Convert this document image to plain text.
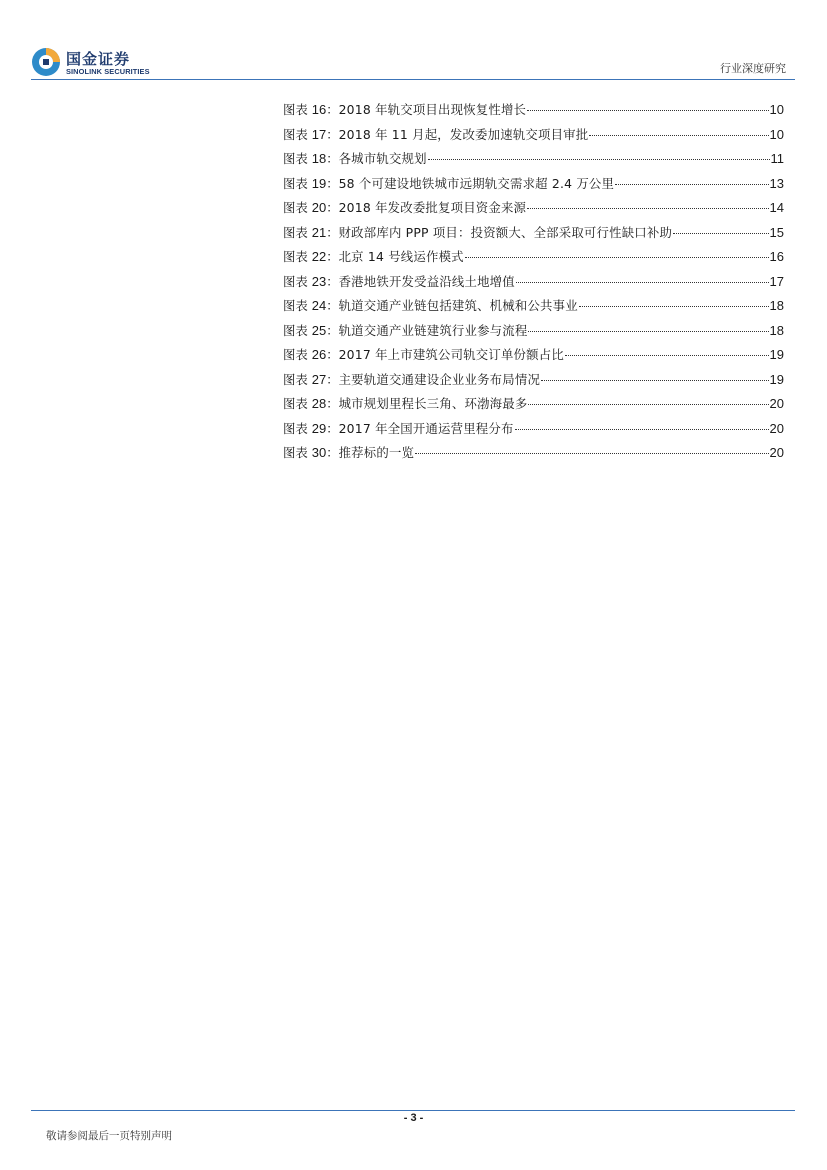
国金证券
SINOLINK SECURITIES	行业深度研究
图表 16： 2018 年轨交项目出现恢复性增长	10
图表 17： 2018 年 11 月起，发改委加速轨交项目审批	10
图表 18： 各城市轨交规划	11
图表 19： 58 个可建设地铁城市远期轨交需求超 2.4 万公里	13
图表 20： 2018 年发改委批复项目资金来源	14
图表 21： 财政部库内 PPP 项目：投资额大、全部采取可行性缺口补助	15
图表 22： 北京 14 号线运作模式	16
图表 23： 香港地铁开发受益沿线土地增值	17
图表 24： 轨道交通产业链包括建筑、机械和公共事业	18
图表 25： 轨道交通产业链建筑行业参与流程	18
图表 26： 2017 年上市建筑公司轨交订单份额占比	19
图表 27： 主要轨道交通建设企业业务布局情况	19
图表 28： 城市规划里程长三角、环渤海最多	20
图表 29： 2017 年全国开通运营里程分布	20
图表 30： 推荐标的一览	20
- 3 -
敬请参阅最后一页特别声明
